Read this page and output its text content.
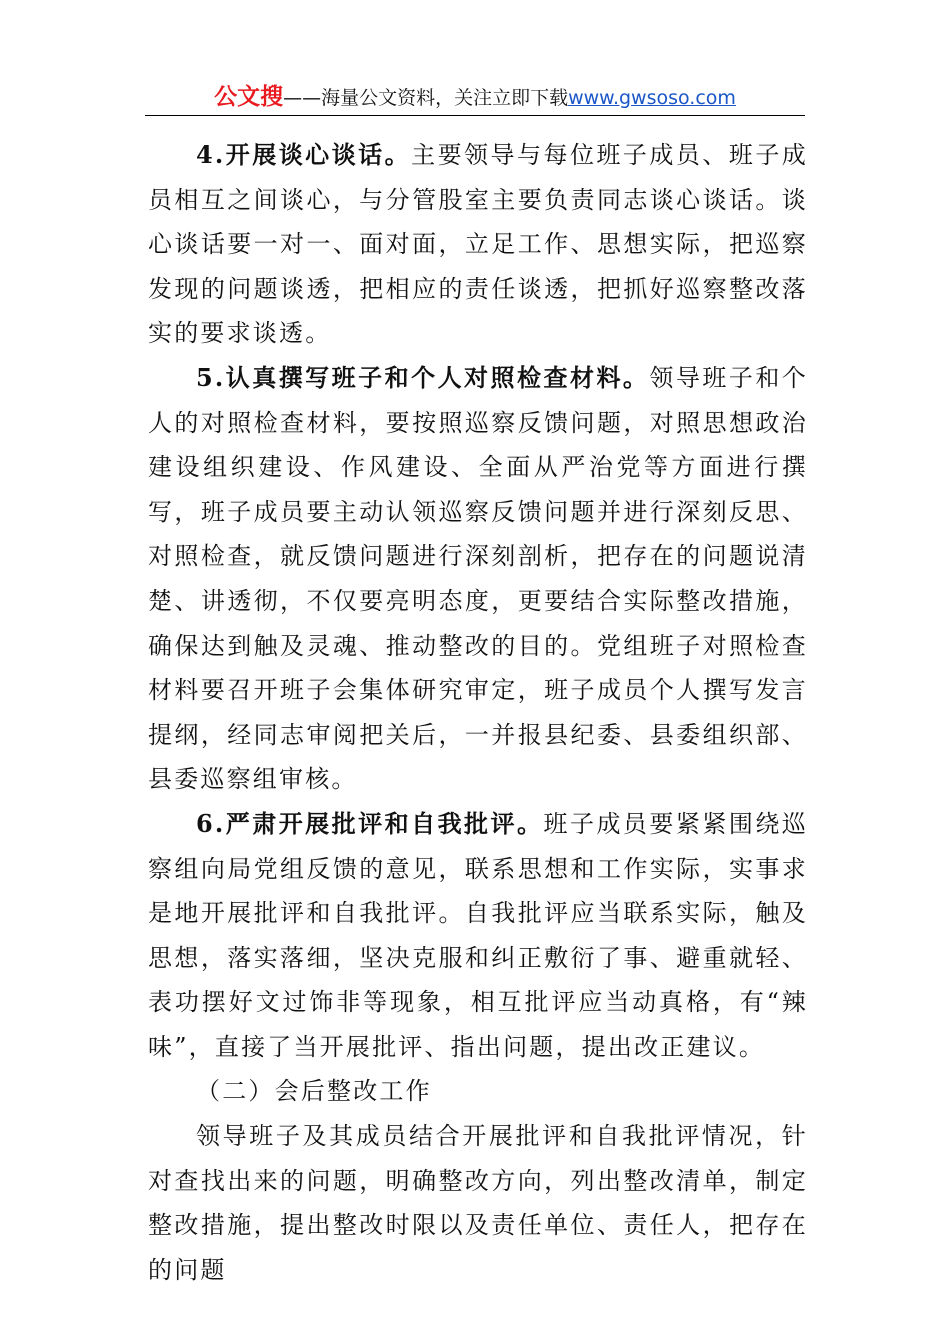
公文搜——海量公文资料，关注立即下载www.gwsoso.com

4.开展谈心谈话。主要领导与每位班子成员、班子成员相互之间谈心，与分管股室主要负责同志谈心谈话。谈心谈话要一对一、面对面，立足工作、思想实际，把巡察发现的问题谈透，把相应的责任谈透，把抓好巡察整改落实的要求谈透。

5.认真撰写班子和个人对照检查材料。领导班子和个人的对照检查材料，要按照巡察反馈问题，对照思想政治建设组织建设、作风建设、全面从严治党等方面进行撰写，班子成员要主动认领巡察反馈问题并进行深刻反思、对照检查，就反馈问题进行深刻剖析，把存在的问题说清楚、讲透彻，不仅要亮明态度，更要结合实际整改措施，确保达到触及灵魂、推动整改的目的。党组班子对照检查材料要召开班子会集体研究审定，班子成员个人撰写发言提纲，经同志审阅把关后，一并报县纪委、县委组织部、县委巡察组审核。

6.严肃开展批评和自我批评。班子成员要紧紧围绕巡察组向局党组反馈的意见，联系思想和工作实际，实事求是地开展批评和自我批评。自我批评应当联系实际，触及思想，落实落细，坚决克服和纠正敷衍了事、避重就轻、表功摆好文过饰非等现象，相互批评应当动真格，有“辣味”，直接了当开展批评、指出问题，提出改正建议。

（二）会后整改工作

领导班子及其成员结合开展批评和自我批评情况，针对查找出来的问题，明确整改方向，列出整改清单，制定整改措施，提出整改时限以及责任单位、责任人，把存在的问题
